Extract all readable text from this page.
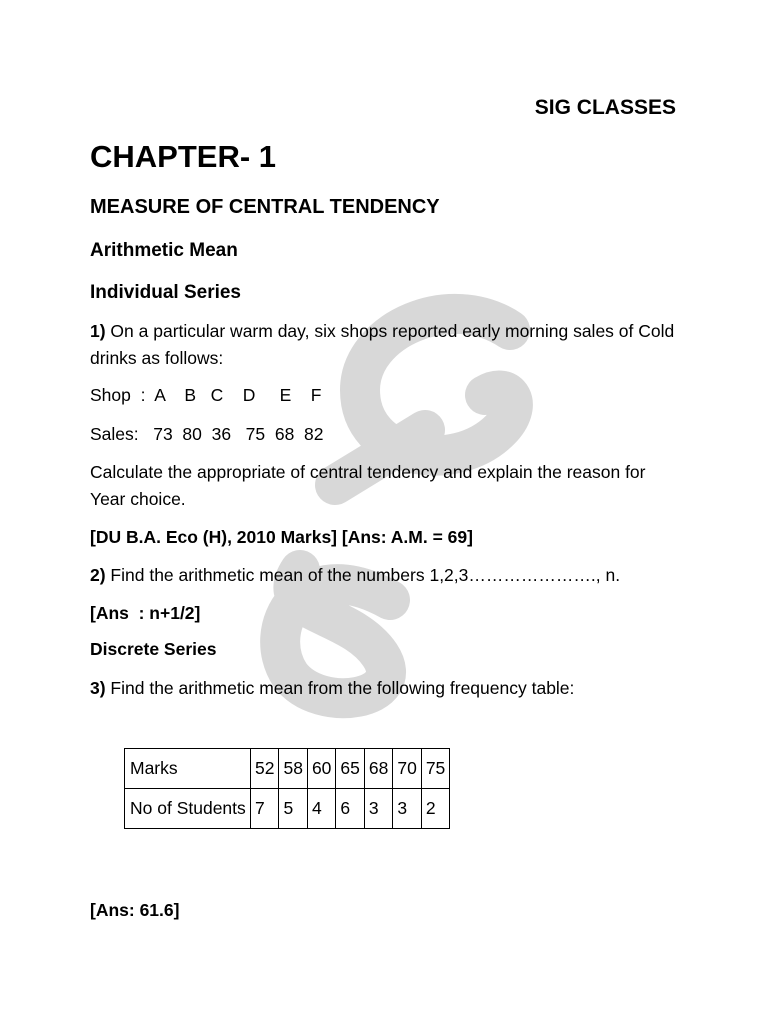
SIG CLASSES

CHAPTER- 1
MEASURE OF CENTRAL TENDENCY
Arithmetic Mean
Individual Series

1) On a particular warm day, six shops reported early morning sales of Cold drinks as follows:

Shop  :  A    B   C    D     E    F

Sales:   73  80  36   75  68  82

Calculate the appropriate of central tendency and explain the reason for Year choice.

[DU B.A. Eco (H), 2010 Marks] [Ans: A.M. = 69]

2) Find the arithmetic mean of the numbers 1,2,3…………………., n.

[Ans  : n+1/2]

Discrete Series

3) Find the arithmetic mean from the following frequency table:

Marks	52	58	60	65	68	70	75
No of Students	7	5	4	6	3	3	2

[Ans: 61.6]
